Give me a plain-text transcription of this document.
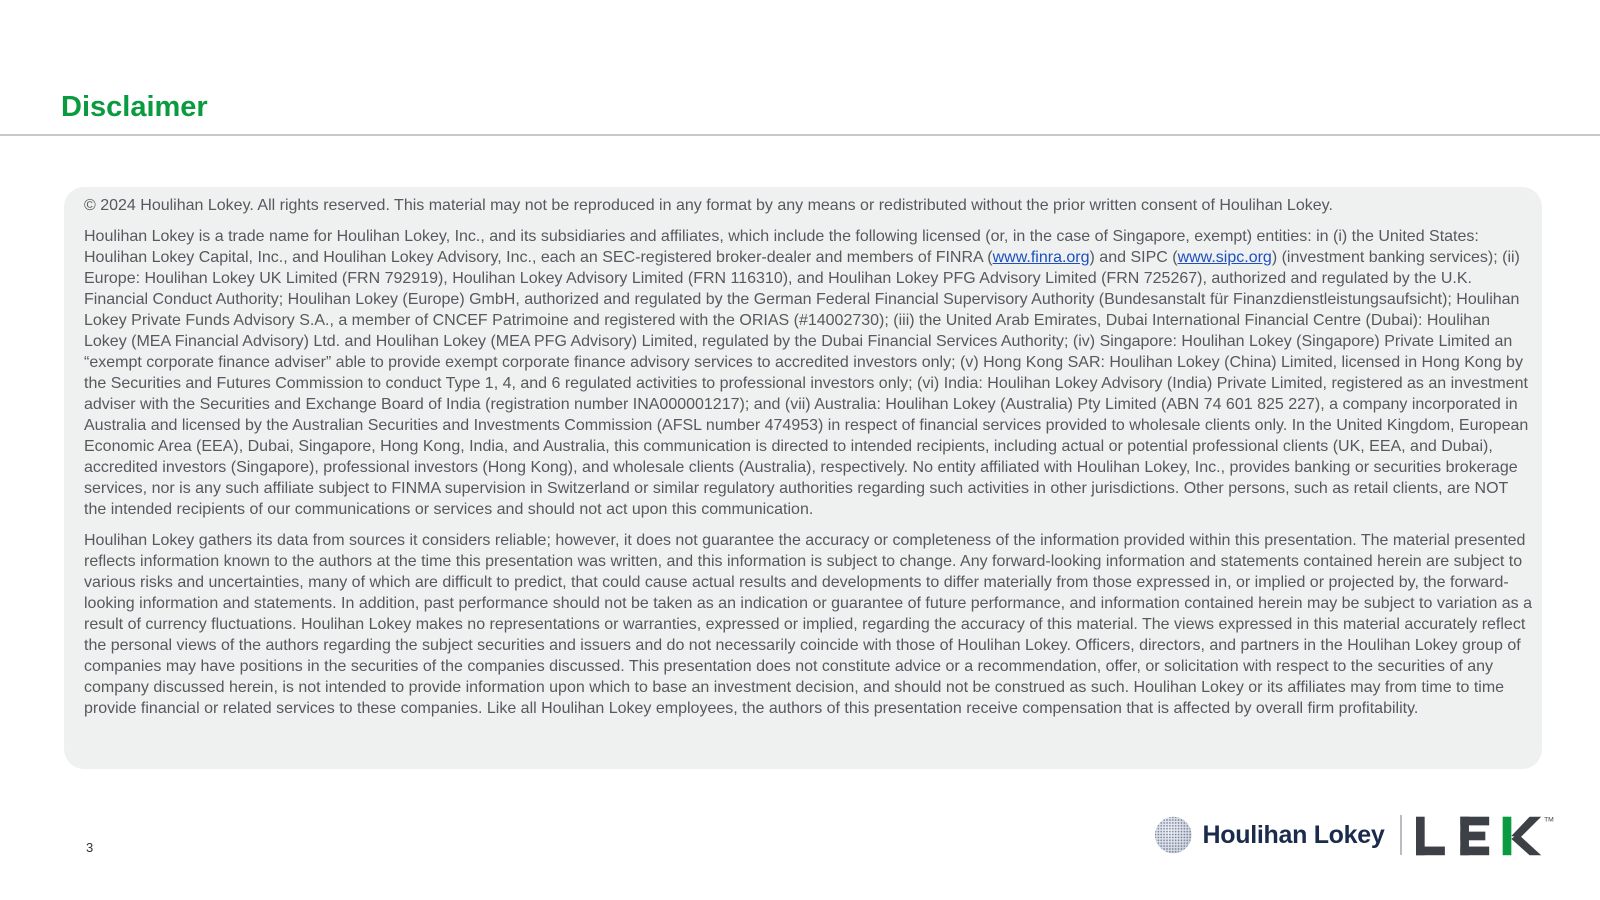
Disclaimer

© 2024 Houlihan Lokey. All rights reserved. This material may not be reproduced in any format by any means or redistributed without the prior written consent of Houlihan Lokey.

Houlihan Lokey is a trade name for Houlihan Lokey, Inc., and its subsidiaries and affiliates, which include the following licensed (or, in the case of Singapore, exempt) entities: in (i) the United States: Houlihan Lokey Capital, Inc., and Houlihan Lokey Advisory, Inc., each an SEC-registered broker-dealer and members of FINRA (www.finra.org) and SIPC (www.sipc.org) (investment banking services); (ii) Europe: Houlihan Lokey UK Limited (FRN 792919), Houlihan Lokey Advisory Limited (FRN 116310), and Houlihan Lokey PFG Advisory Limited (FRN 725267), authorized and regulated by the U.K. Financial Conduct Authority; Houlihan Lokey (Europe) GmbH, authorized and regulated by the German Federal Financial Supervisory Authority (Bundesanstalt für Finanzdienstleistungsaufsicht); Houlihan Lokey Private Funds Advisory S.A., a member of CNCEF Patrimoine and registered with the ORIAS (#14002730); (iii) the United Arab Emirates, Dubai International Financial Centre (Dubai): Houlihan Lokey (MEA Financial Advisory) Ltd. and Houlihan Lokey (MEA PFG Advisory) Limited, regulated by the Dubai Financial Services Authority; (iv) Singapore: Houlihan Lokey (Singapore) Private Limited an “exempt corporate finance adviser” able to provide exempt corporate finance advisory services to accredited investors only; (v) Hong Kong SAR: Houlihan Lokey (China) Limited, licensed in Hong Kong by the Securities and Futures Commission to conduct Type 1, 4, and 6 regulated activities to professional investors only; (vi) India: Houlihan Lokey Advisory (India) Private Limited, registered as an investment adviser with the Securities and Exchange Board of India (registration number INA000001217); and (vii) Australia: Houlihan Lokey (Australia) Pty Limited (ABN 74 601 825 227), a company incorporated in Australia and licensed by the Australian Securities and Investments Commission (AFSL number 474953) in respect of financial services provided to wholesale clients only. In the United Kingdom, European Economic Area (EEA), Dubai, Singapore, Hong Kong, India, and Australia, this communication is directed to intended recipients, including actual or potential professional clients (UK, EEA, and Dubai), accredited investors (Singapore), professional investors (Hong Kong), and wholesale clients (Australia), respectively. No entity affiliated with Houlihan Lokey, Inc., provides banking or securities brokerage services, nor is any such affiliate subject to FINMA supervision in Switzerland or similar regulatory authorities regarding such activities in other jurisdictions. Other persons, such as retail clients, are NOT the intended recipients of our communications or services and should not act upon this communication.

Houlihan Lokey gathers its data from sources it considers reliable; however, it does not guarantee the accuracy or completeness of the information provided within this presentation. The material presented reflects information known to the authors at the time this presentation was written, and this information is subject to change. Any forward-looking information and statements contained herein are subject to various risks and uncertainties, many of which are difficult to predict, that could cause actual results and developments to differ materially from those expressed in, or implied or projected by, the forward-looking information and statements. In addition, past performance should not be taken as an indication or guarantee of future performance, and information contained herein may be subject to variation as a result of currency fluctuations. Houlihan Lokey makes no representations or warranties, expressed or implied, regarding the accuracy of this material. The views expressed in this material accurately reflect the personal views of the authors regarding the subject securities and issuers and do not necessarily coincide with those of Houlihan Lokey. Officers, directors, and partners in the Houlihan Lokey group of companies may have positions in the securities of the companies discussed. This presentation does not constitute advice or a recommendation, offer, or solicitation with respect to the securities of any company discussed herein, is not intended to provide information upon which to base an investment decision, and should not be construed as such. Houlihan Lokey or its affiliates may from time to time provide financial or related services to these companies. Like all Houlihan Lokey employees, the authors of this presentation receive compensation that is affected by overall firm profitability.

3	Houlihan Lokey
TM
